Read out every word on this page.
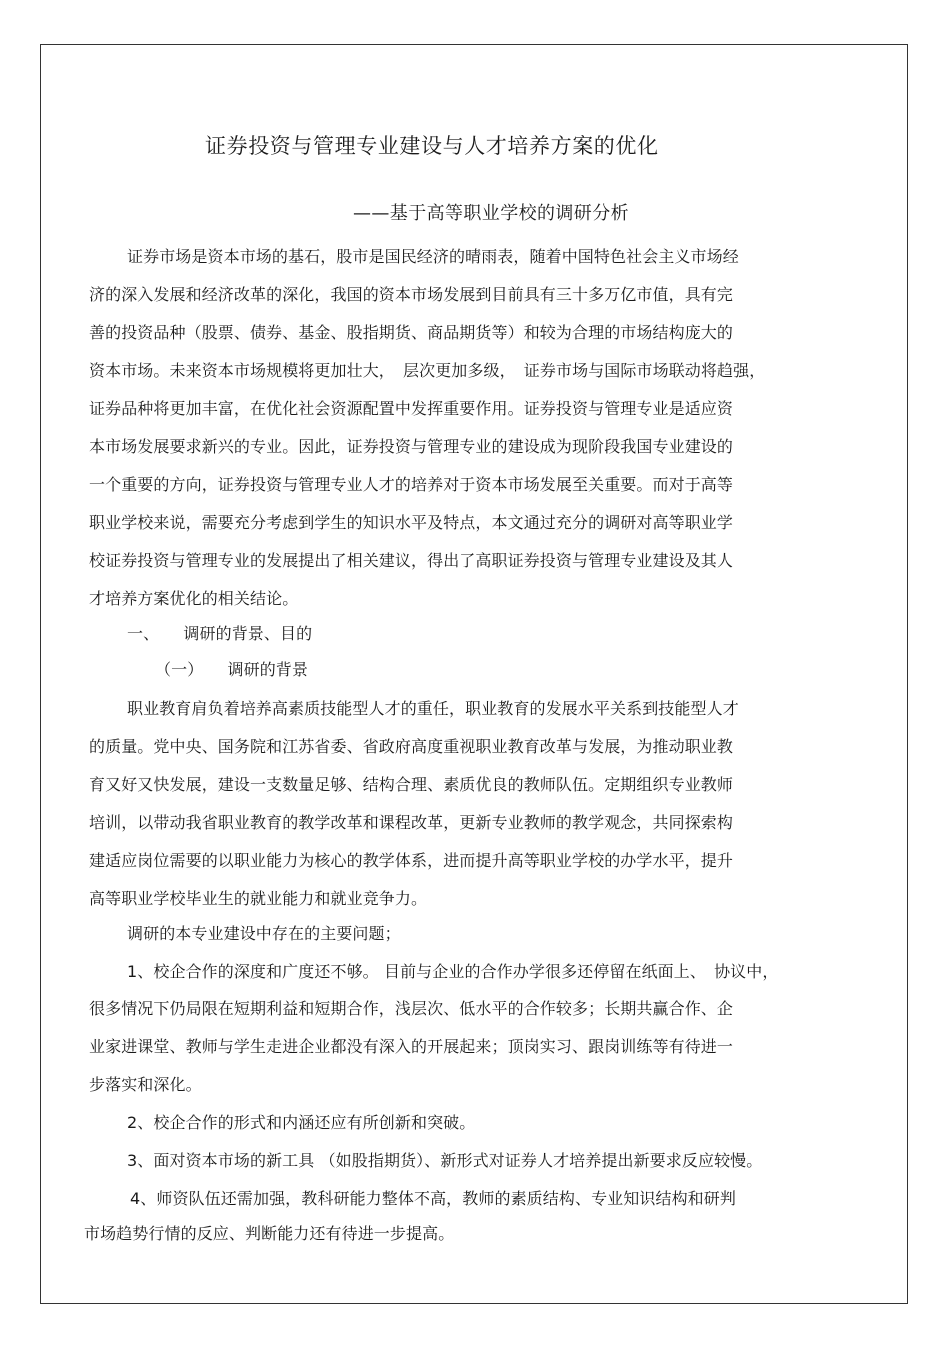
证券投资与管理专业建设与人才培养方案的优化
——基于高等职业学校的调研分析
证券市场是资本市场的基石，股市是国民经济的晴雨表，随着中国特色社会主义市场经
济的深入发展和经济改革的深化，我国的资本市场发展到目前具有三十多万亿市值，具有完
善的投资品种（股票、债券、基金、股指期货、商品期货等）和较为合理的市场结构庞大的
资本市场。未来资本市场规模将更加壮大，　层次更加多级，　证券市场与国际市场联动将趋强，
证券品种将更加丰富，在优化社会资源配置中发挥重要作用。证券投资与管理专业是适应资
本市场发展要求新兴的专业。因此，证券投资与管理专业的建设成为现阶段我国专业建设的
一个重要的方向，证券投资与管理专业人才的培养对于资本市场发展至关重要。而对于高等
职业学校来说，需要充分考虑到学生的知识水平及特点，本文通过充分的调研对高等职业学
校证券投资与管理专业的发展提出了相关建议，得出了高职证券投资与管理专业建设及其人
才培养方案优化的相关结论。
一、　　调研的背景、目的
（一）　　调研的背景
职业教育肩负着培养高素质技能型人才的重任，职业教育的发展水平关系到技能型人才
的质量。党中央、国务院和江苏省委、省政府高度重视职业教育改革与发展，为推动职业教
育又好又快发展，建设一支数量足够、结构合理、素质优良的教师队伍。定期组织专业教师
培训，以带动我省职业教育的教学改革和课程改革，更新专业教师的教学观念，共同探索构
建适应岗位需要的以职业能力为核心的教学体系，进而提升高等职业学校的办学水平，提升
高等职业学校毕业生的就业能力和就业竞争力。
调研的本专业建设中存在的主要问题；
1、校企合作的深度和广度还不够。 目前与企业的合作办学很多还停留在纸面上、　协议中，
很多情况下仍局限在短期利益和短期合作，浅层次、低水平的合作较多；长期共赢合作、企
业家进课堂、教师与学生走进企业都没有深入的开展起来；顶岗实习、跟岗训练等有待进一
步落实和深化。
2、校企合作的形式和内涵还应有所创新和突破。
3、面对资本市场的新工具 （如股指期货）、新形式对证券人才培养提出新要求反应较慢。
4、师资队伍还需加强，教科研能力整体不高，教师的素质结构、专业知识结构和研判
市场趋势行情的反应、判断能力还有待进一步提高。
